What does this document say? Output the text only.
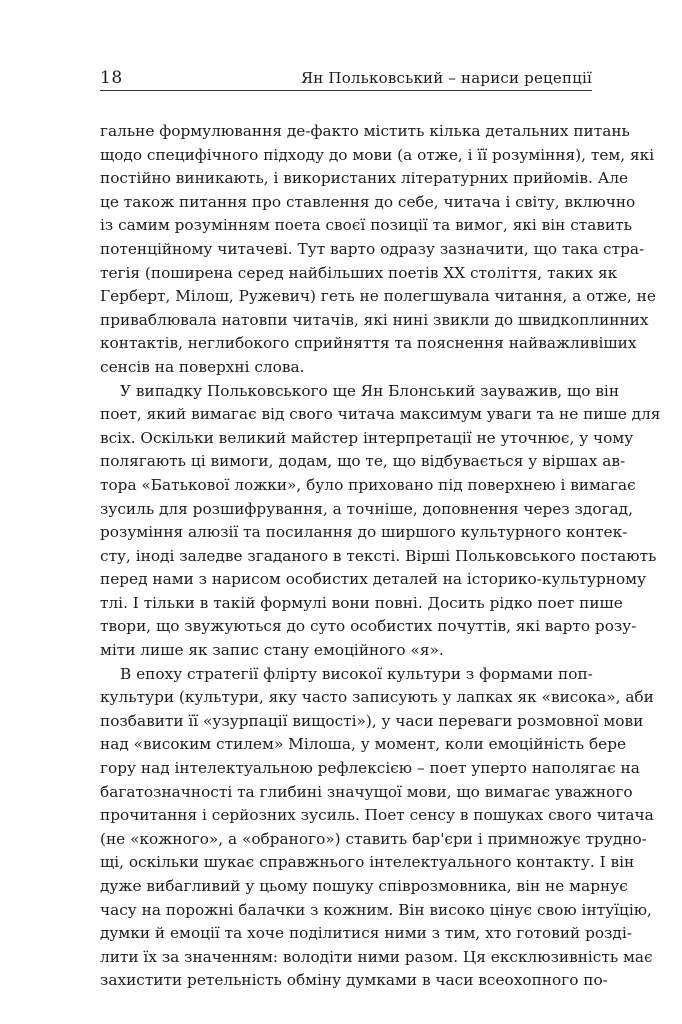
18	Ян Польковський – нариси рецепції
гальне формулювання де-факто містить кілька детальних питань
щодо специфічного підходу до мови (а отже, і її розуміння), тем, які
постійно виникають, і використаних літературних прийомів. Але
це також питання про ставлення до себе, читача і світу, включно
із самим розумінням поета своєї позиції та вимог, які він ставить
потенційному читачеві. Тут варто одразу зазначити, що така стра-
тегія (поширена серед найбільших поетів XX століття, таких як
Герберт, Мілош, Ружевич) геть не полегшувала читання, а отже, не
приваблювала натовпи читачів, які нині звикли до швидкоплинних
контактів, неглибокого сприйняття та пояснення найважливіших
сенсів на поверхні слова.
У випадку Польковського ще Ян Блонський зауважив, що він
поет, який вимагає від свого читача максимум уваги та не пише для
всіх. Оскільки великий майстер інтерпретації не уточнює, у чому
полягають ці вимоги, додам, що те, що відбувається у віршах ав-
тора «Батькової ложки», було приховано під поверхнею і вимагає
зусиль для розшифрування, а точніше, доповнення через здогад,
розуміння алюзії та посилання до ширшого культурного контек-
сту, іноді заледве згаданого в тексті. Вірші Польковського постають
перед нами з нарисом особистих деталей на історико-культурному
тлі. І тільки в такій формулі вони повні. Досить рідко поет пише
твори, що звужуються до суто особистих почуттів, які варто розу-
міти лише як запис стану емоційного «я».
В епоху стратегії флірту високої культури з формами поп-
культури (культури, яку часто записують у лапках як «висока», аби
позбавити її «узурпації вищості»), у часи переваги розмовної мови
над «високим стилем» Мілоша, у момент, коли емоційність бере
гору над інтелектуальною рефлексією – поет уперто наполягає на
багатозначності та глибині значущої мови, що вимагає уважного
прочитання і серйозних зусиль. Поет сенсу в пошуках свого читача
(не «кожного», а «обраного») ставить бар'єри і примножує трудно-
щі, оскільки шукає справжнього інтелектуального контакту. І він
дуже вибагливий у цьому пошуку співрозмовника, він не марнує
часу на порожні балачки з кожним. Він високо цінує свою інтуїцію,
думки й емоції та хоче поділитися ними з тим, хто готовий розді-
лити їх за значенням: володіти ними разом. Ця ексклюзивність має
захистити ретельність обміну думками в часи всеохопного по-
